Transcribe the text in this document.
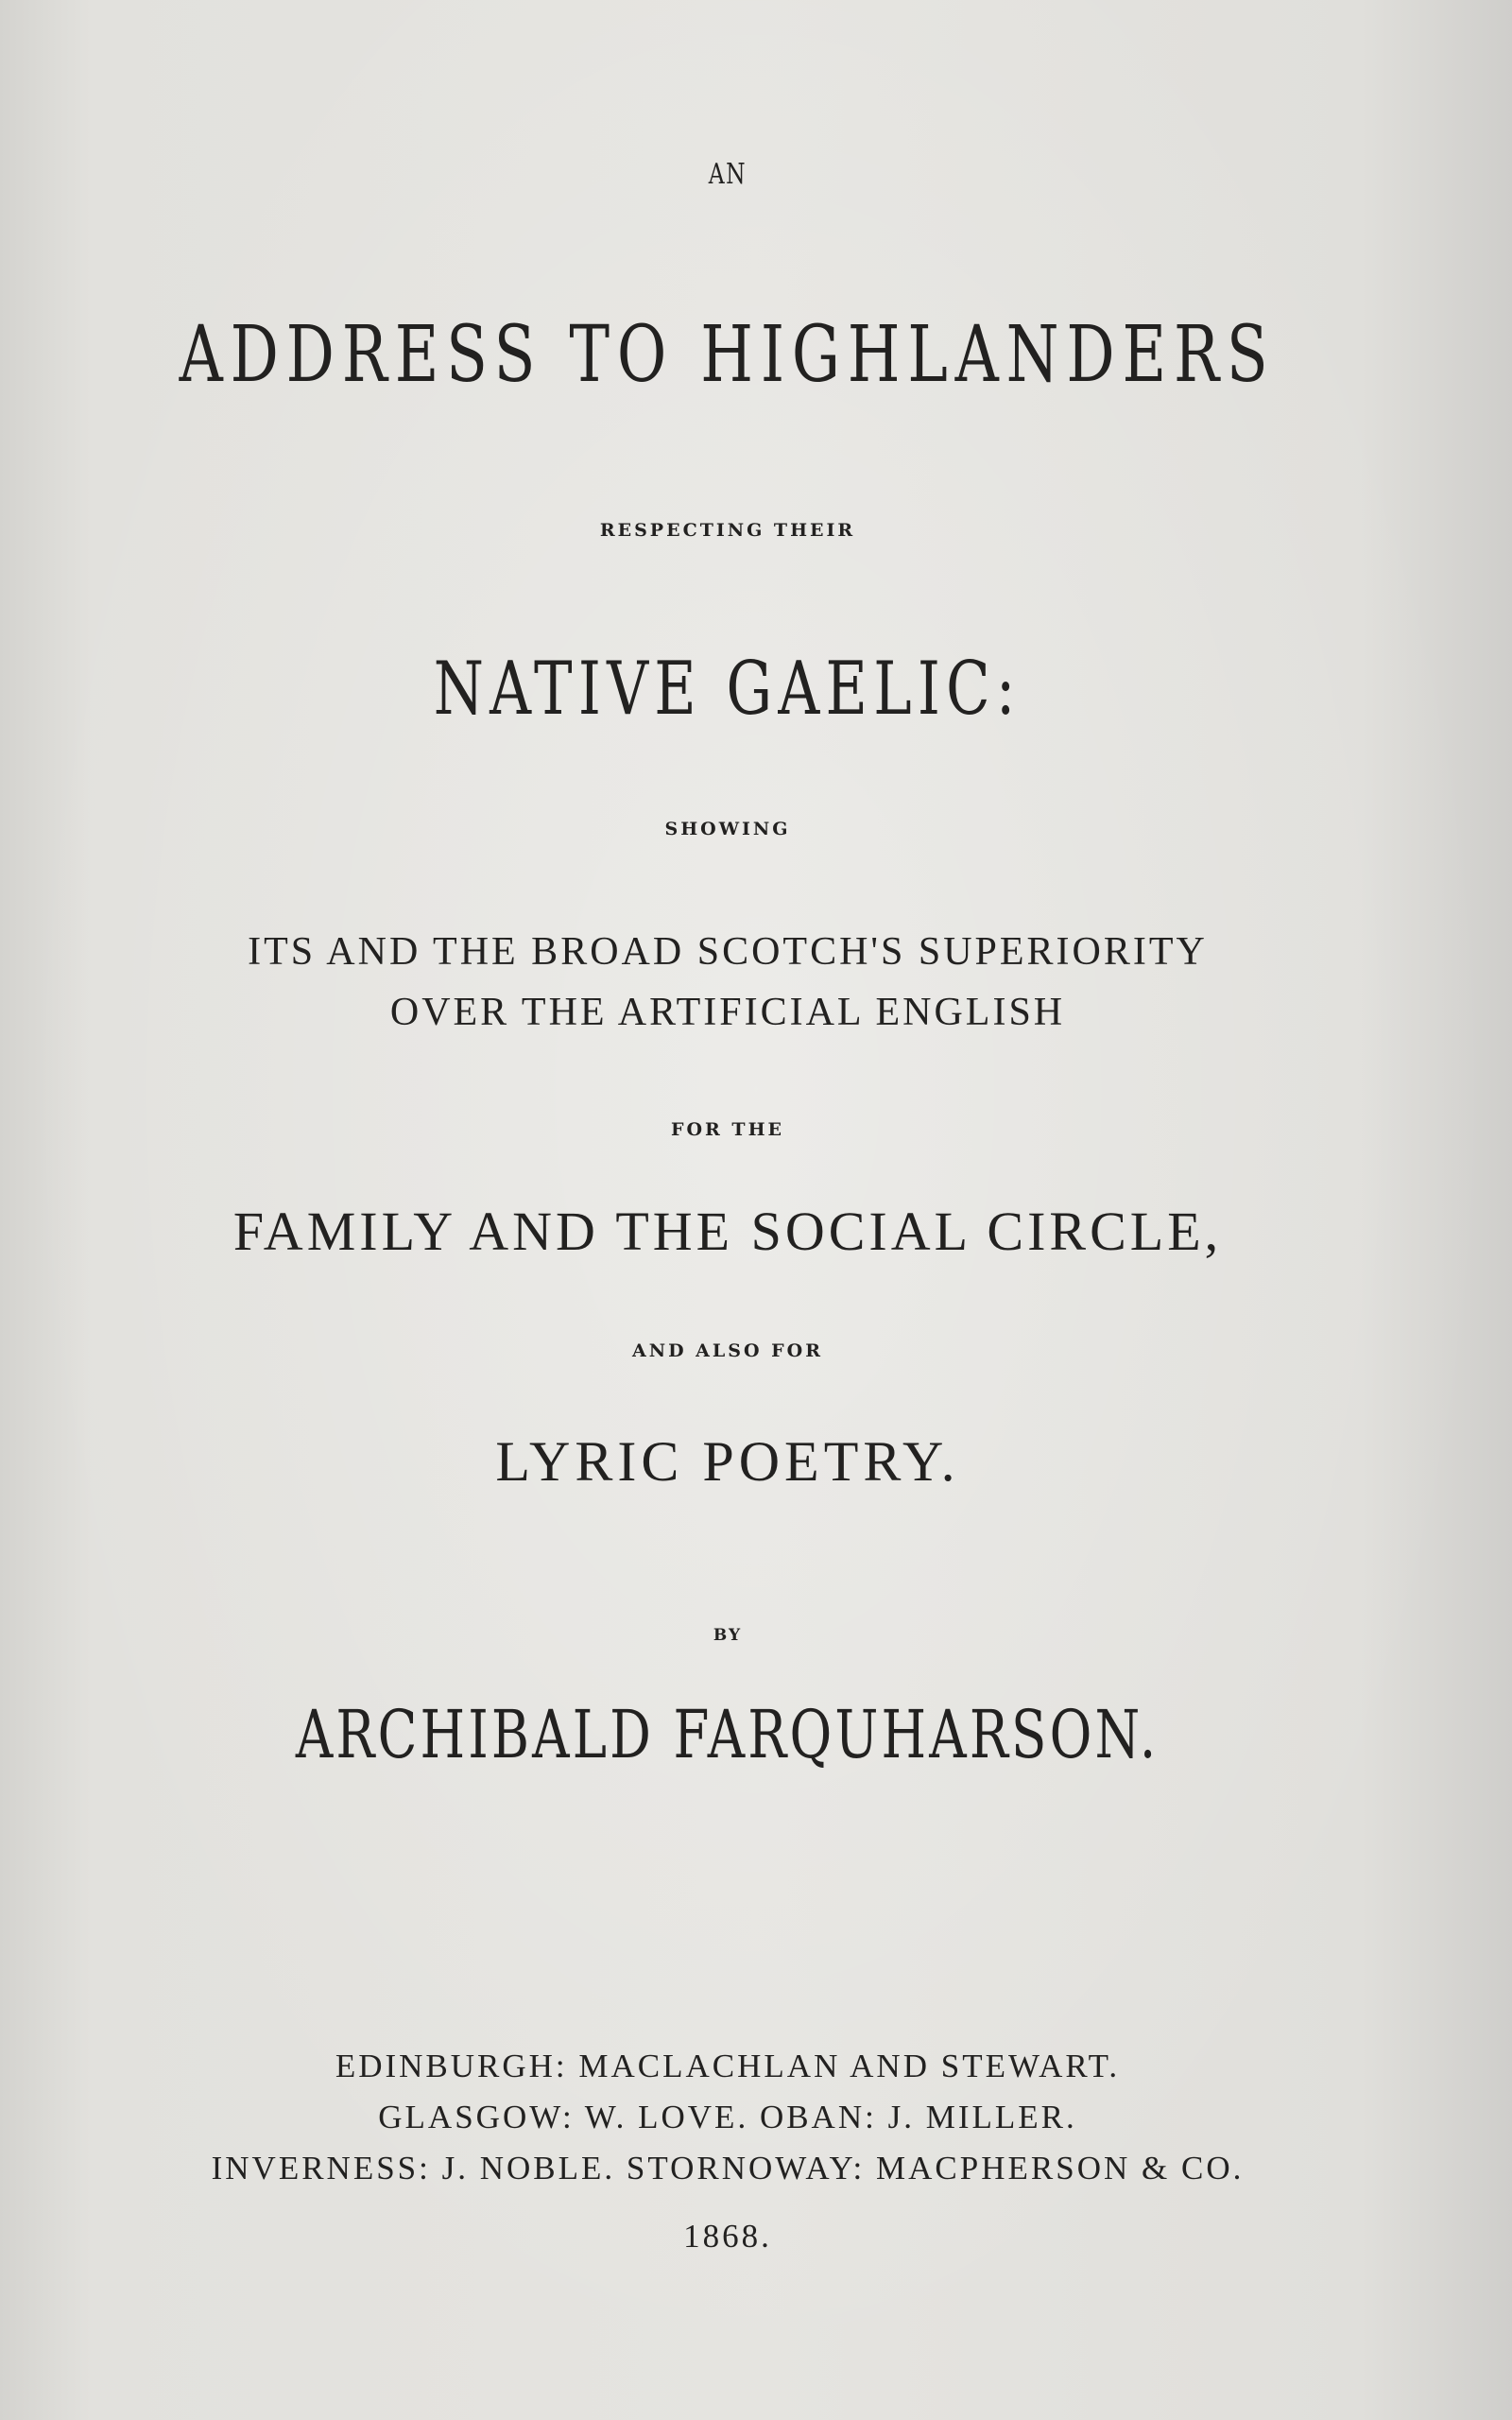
AN
ADDRESS TO HIGHLANDERS
RESPECTING THEIR
NATIVE GAELIC:
SHOWING
ITS AND THE BROAD SCOTCH'S SUPERIORITY
OVER THE ARTIFICIAL ENGLISH
FOR THE
FAMILY AND THE SOCIAL CIRCLE,
AND ALSO FOR
LYRIC POETRY.
BY
ARCHIBALD FARQUHARSON.
EDINBURGH: MACLACHLAN AND STEWART.
GLASGOW: W. LOVE. OBAN: J. MILLER.
INVERNESS: J. NOBLE. STORNOWAY: MACPHERSON & CO.
1868.
